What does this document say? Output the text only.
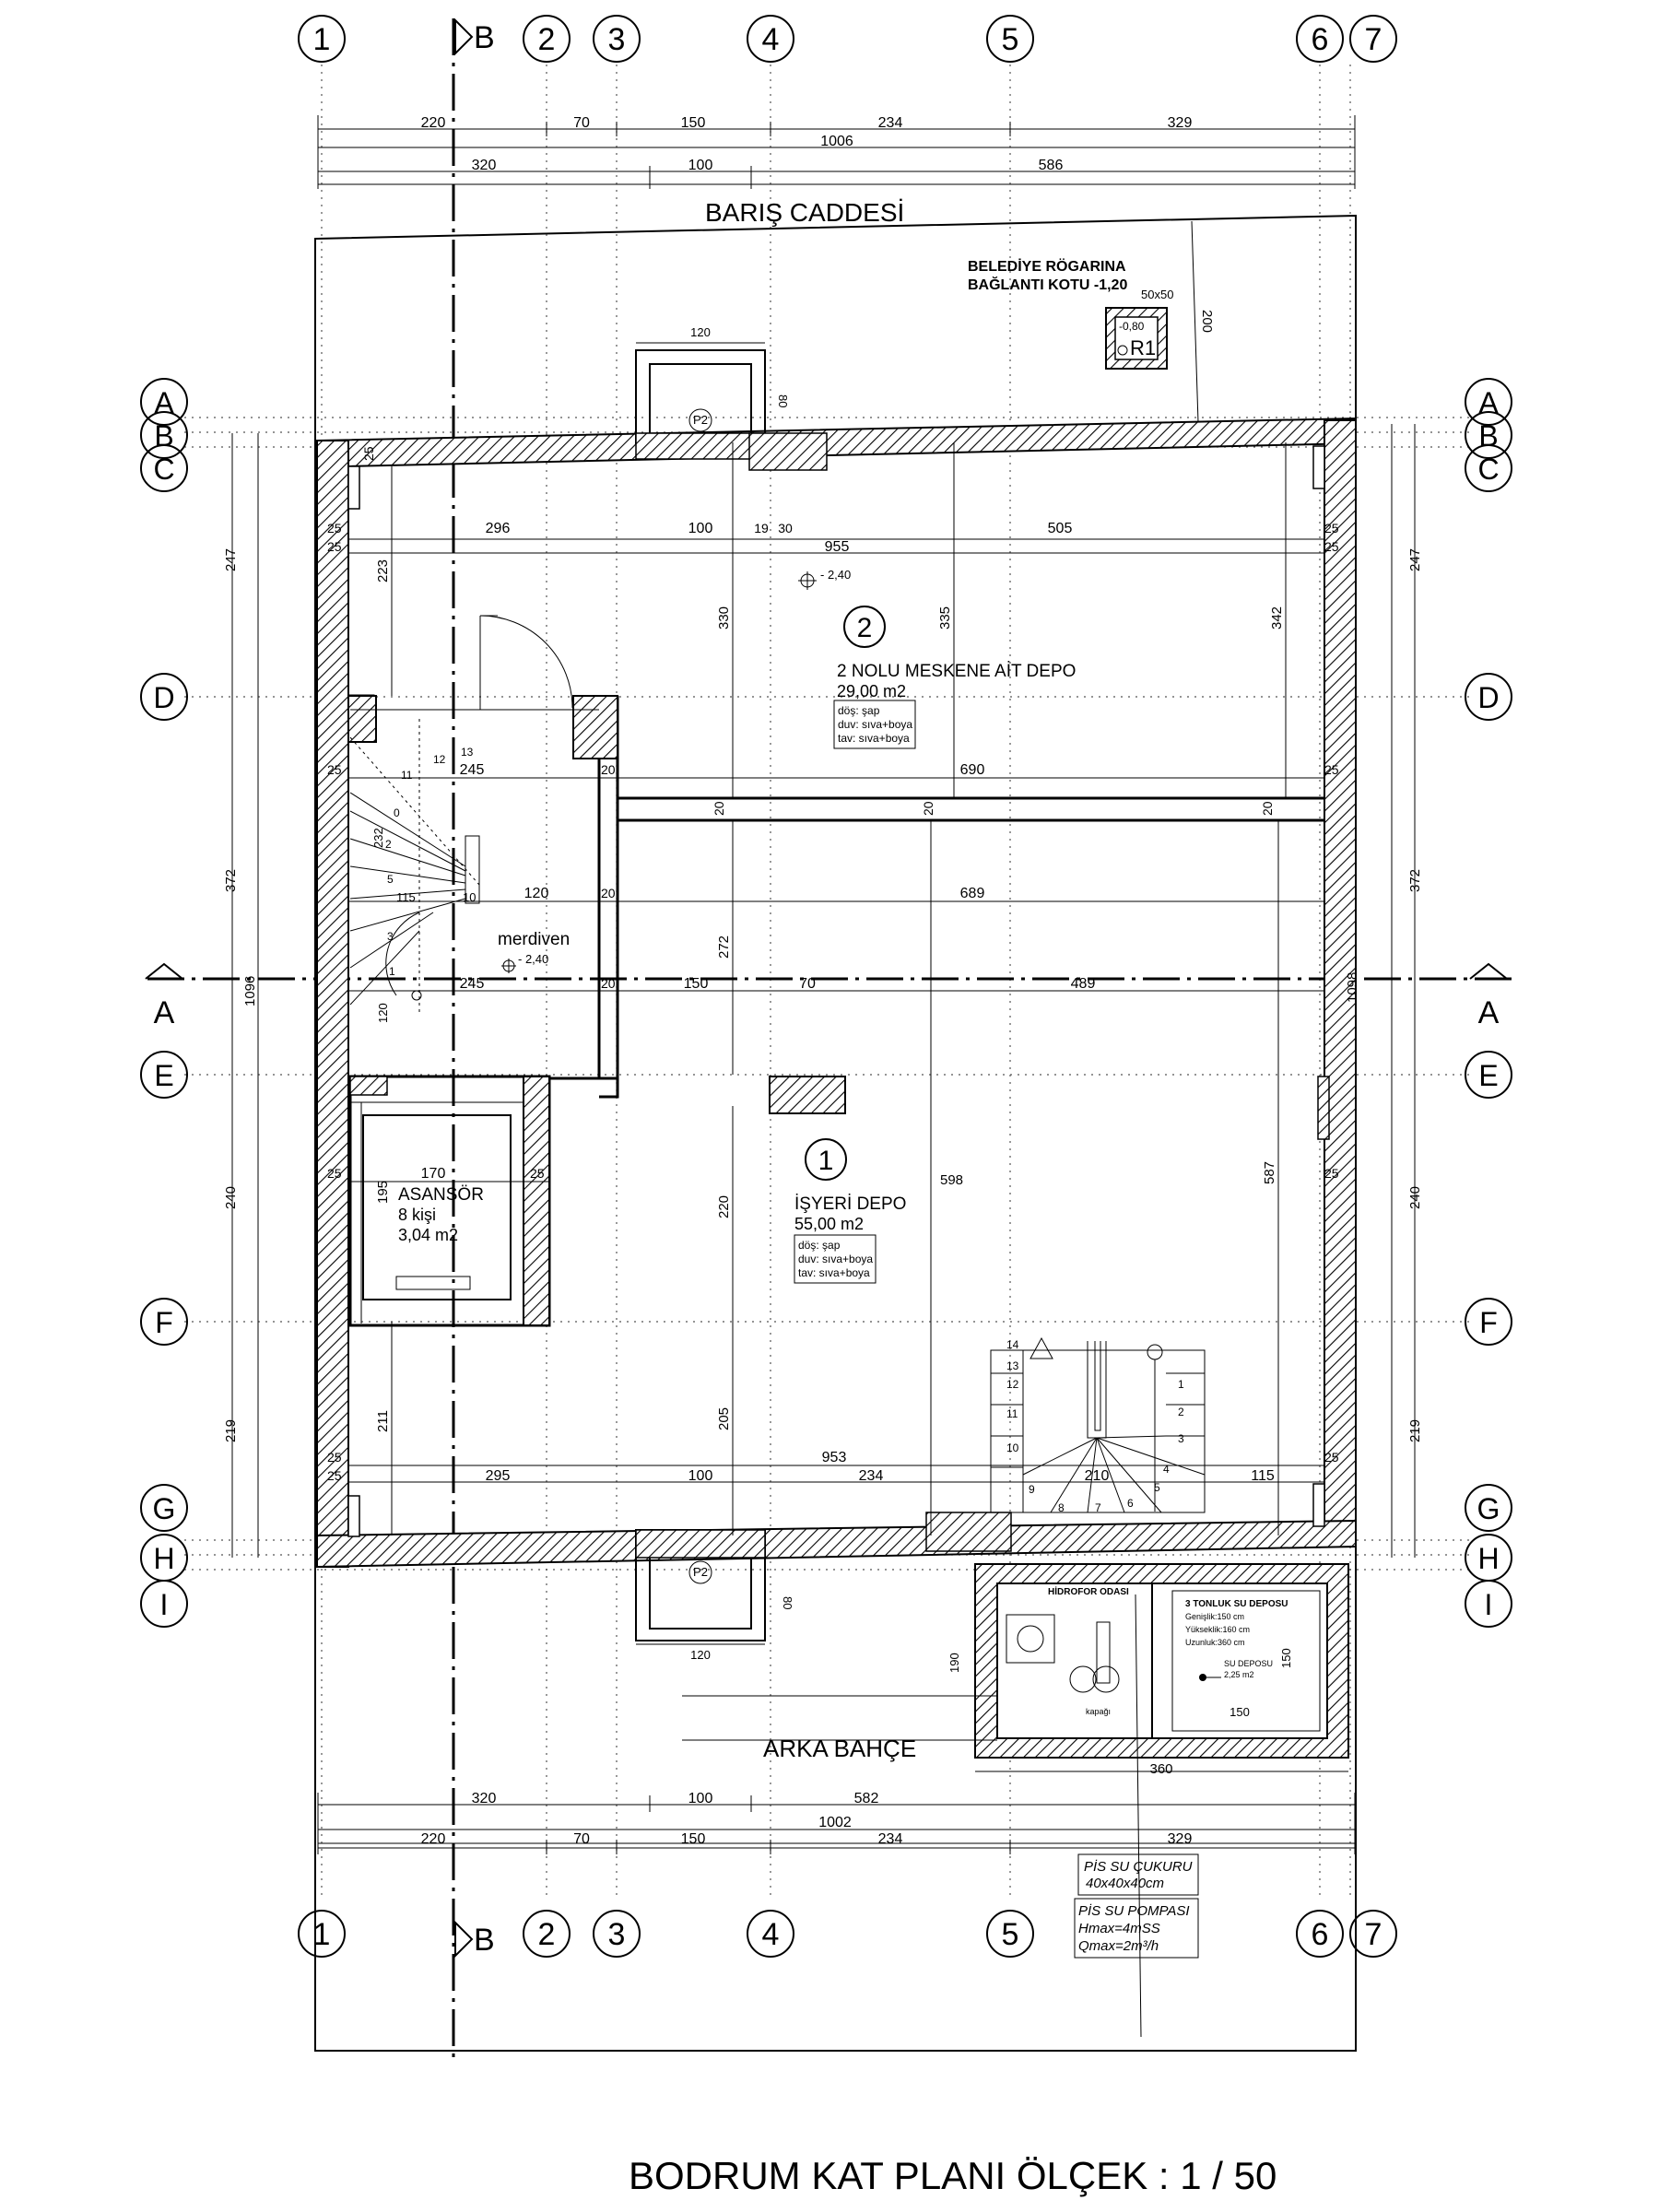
P2
120
80
P2
120
80
13
12
11
0
2
5
3
1
merdiven
- 2,40
1
2
3
4
5
6
7
8
9
10
11
12
13
14
HİDROFOR ODASI
3 TONLUK SU DEPOSU
Genişlik:150 cm
Yükseklik:160 cm
Uzunluk:360 cm
SU DEPOSU
2,25 m2
kapağı
150
150
190
360
BELEDİYE RÖGARINA
BAĞLANTI KOTU -1,20
50x50
-0,80
R1
200
BARIŞ CADDESİ
ARKA BAHÇE
2
2 NOLU MESKENE AİT DEPO
29,00 m2
döş: şap
duv: sıva+boya
tav: sıva+boya
- 2,40
1
İŞYERİ DEPO
55,00 m2
döş: şap
duv: sıva+boya
tav: sıva+boya
ASANSÖR
8 kişi
3,04 m2
296	100	19 30	505
955
245	690
120	689
245	150	70	489
170
953
295	100	234	210	115
223
330	335	342
272
220
205
211
195
598	587
25
25
25
25
25
25
25
25
25
25
25
25
25
20
20
20
20	20	20
232
115
120
10
220	70	150	234	329
1006
320	100	586
320	100	582
1002
220	70	150	234	329
247
372
240
219
1096
247
372
240
219
1098
1	2 3	4	5	6 7
B
1	2 3	4	5	6 7
B
A
B
C
D
E
F
G
H
I
A
A
B
C
D
E
F
G
H
I
A
PİS SU ÇUKURU
40x40x40cm
PİS SU POMPASI
Hmax=4mSS
Qmax=2m³/h
BODRUM KAT PLANI ÖLÇEK : 1 / 50
